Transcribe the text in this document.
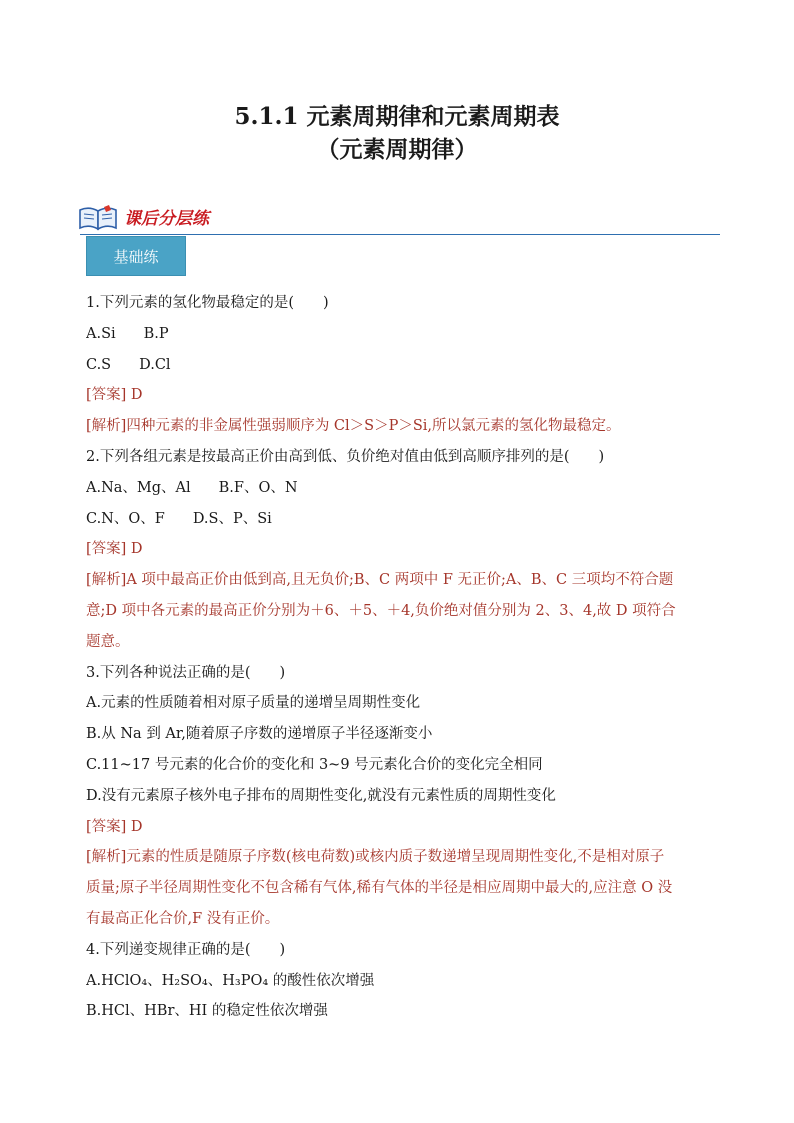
5.1.1 元素周期律和元素周期表
（元素周期律）
课后分层练
基础练
1.下列元素的氢化物最稳定的是(　　)
A.Si B.P
C.S D.Cl
[答案] D
[解析]四种元素的非金属性强弱顺序为 Cl＞S＞P＞Si,所以氯元素的氢化物最稳定。
2.下列各组元素是按最高正价由高到低、负价绝对值由低到高顺序排列的是(　　)
A.Na、Mg、Al B.F、O、N
C.N、O、F D.S、P、Si
[答案] D
[解析]A 项中最高正价由低到高,且无负价;B、C 两项中 F 无正价;A、B、C 三项均不符合题
意;D 项中各元素的最高正价分别为＋6、＋5、＋4,负价绝对值分别为 2、3、4,故 D 项符合
题意。
3.下列各种说法正确的是(　　)
A.元素的性质随着相对原子质量的递增呈周期性变化
B.从 Na 到 Ar,随着原子序数的递增原子半径逐渐变小
C.11~17 号元素的化合价的变化和 3~9 号元素化合价的变化完全相同
D.没有元素原子核外电子排布的周期性变化,就没有元素性质的周期性变化
[答案] D
[解析]元素的性质是随原子序数(核电荷数)或核内质子数递增呈现周期性变化,不是相对原子
质量;原子半径周期性变化不包含稀有气体,稀有气体的半径是相应周期中最大的,应注意 O 没
有最高正化合价,F 没有正价。
4.下列递变规律正确的是(　　)
A.HClO₄、H₂SO₄、H₃PO₄ 的酸性依次增强
B.HCl、HBr、HI 的稳定性依次增强
